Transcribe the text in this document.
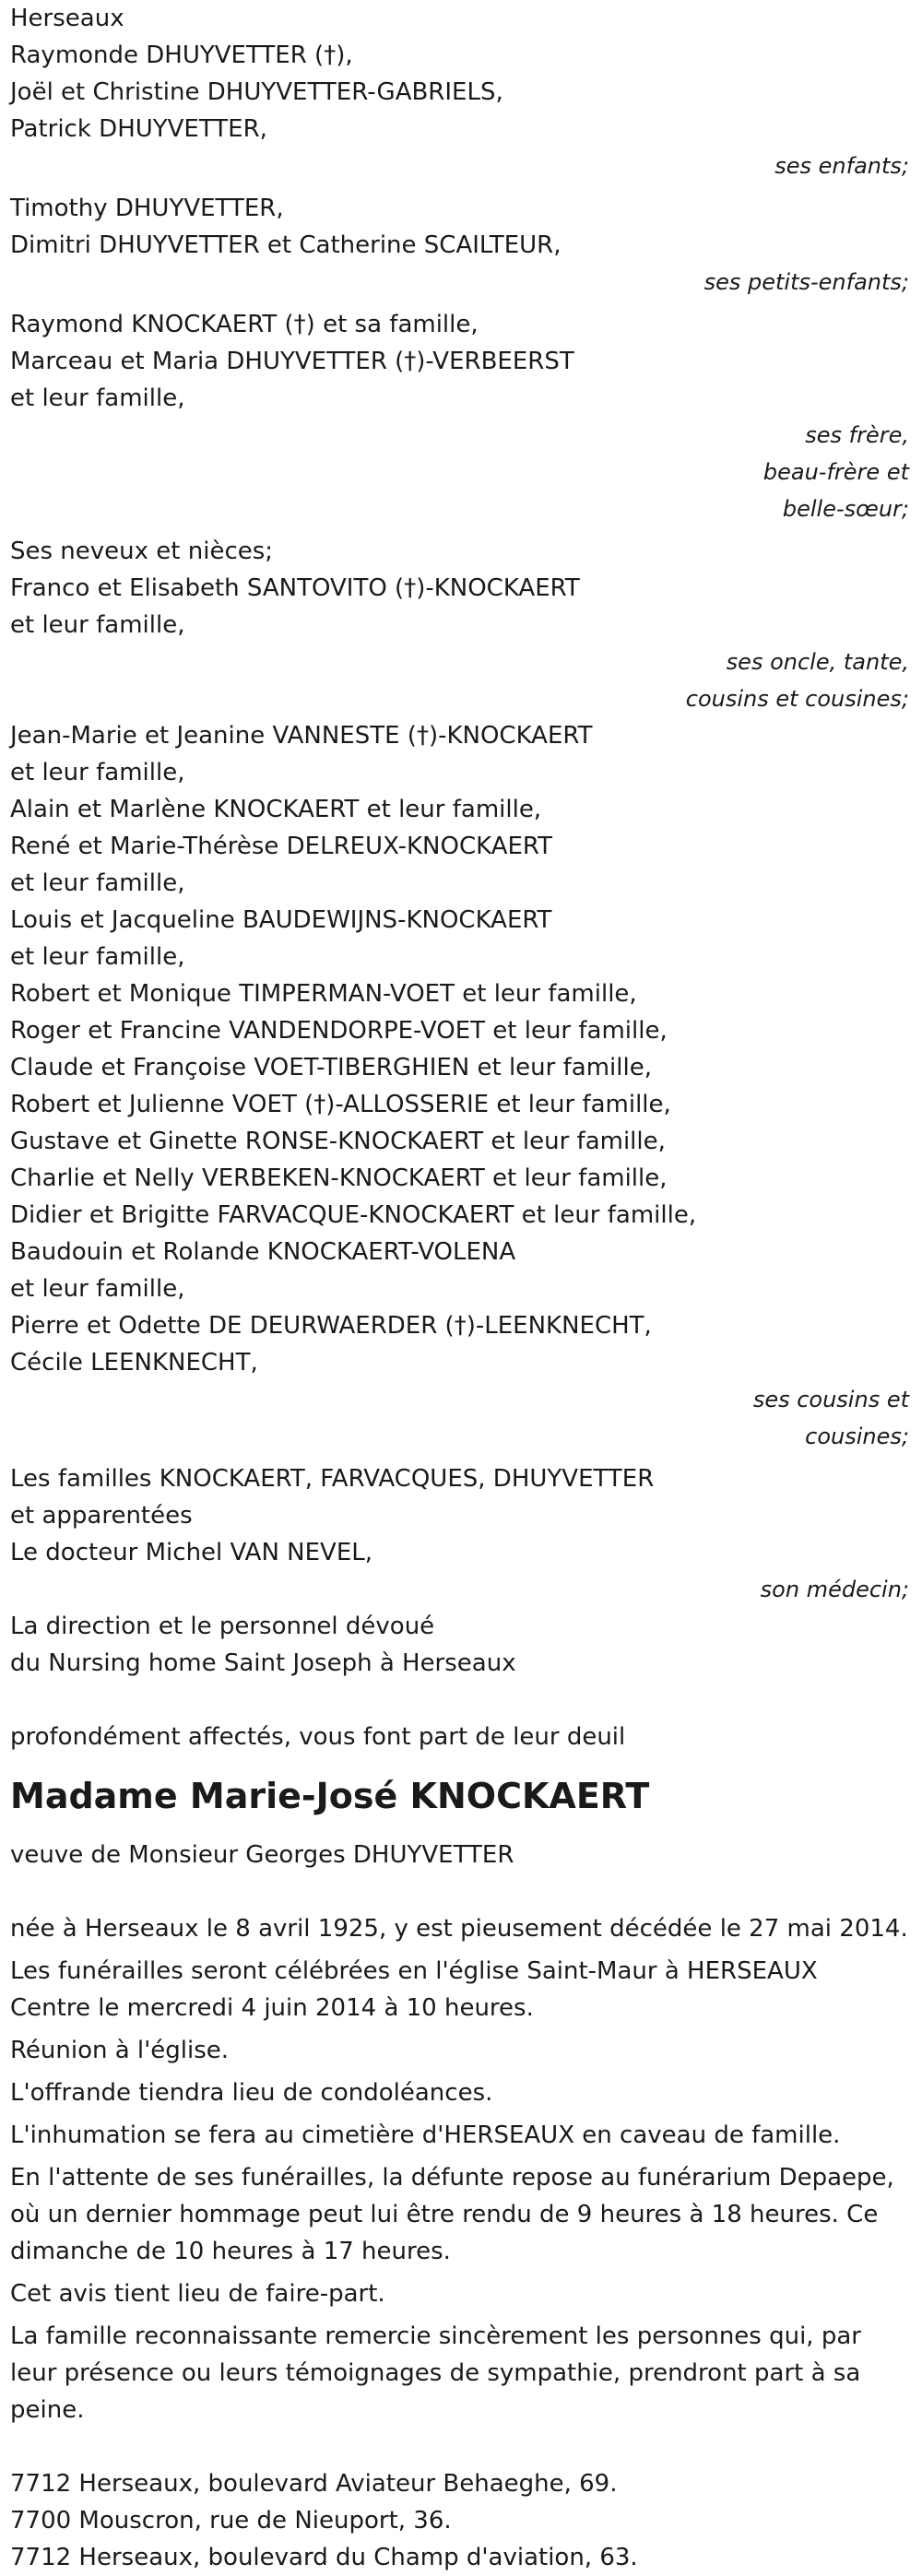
Herseaux
Raymonde DHUYVETTER (†),
Joël et Christine DHUYVETTER-GABRIELS,
Patrick DHUYVETTER,
ses enfants;
Timothy DHUYVETTER,
Dimitri DHUYVETTER et Catherine SCAILTEUR,
ses petits-enfants;
Raymond KNOCKAERT (†) et sa famille,
Marceau et Maria DHUYVETTER (†)-VERBEERST
et leur famille,
ses frère,
beau-frère et
belle-sœur;
Ses neveux et nièces;
Franco et Elisabeth SANTOVITO (†)-KNOCKAERT
et leur famille,
ses oncle, tante,
cousins et cousines;
Jean-Marie et Jeanine VANNESTE (†)-KNOCKAERT
et leur famille,
Alain et Marlène KNOCKAERT et leur famille,
René et Marie-Thérèse DELREUX-KNOCKAERT
et leur famille,
Louis et Jacqueline BAUDEWIJNS-KNOCKAERT
et leur famille,
Robert et Monique TIMPERMAN-VOET et leur famille,
Roger et Francine VANDENDORPE-VOET et leur famille,
Claude et Françoise VOET-TIBERGHIEN et leur famille,
Robert et Julienne VOET (†)-ALLOSSERIE et leur famille,
Gustave et Ginette RONSE-KNOCKAERT et leur famille,
Charlie et Nelly VERBEKEN-KNOCKAERT et leur famille,
Didier et Brigitte FARVACQUE-KNOCKAERT et leur famille,
Baudouin et Rolande KNOCKAERT-VOLENA
et leur famille,
Pierre et Odette DE DEURWAERDER (†)-LEENKNECHT,
Cécile LEENKNECHT,
ses cousins et
cousines;
Les familles KNOCKAERT, FARVACQUES, DHUYVETTER
et apparentées
Le docteur Michel VAN NEVEL,
son médecin;
La direction et le personnel dévoué
du Nursing home Saint Joseph à Herseaux
profondément affectés, vous font part de leur deuil
Madame Marie-José KNOCKAERT
veuve de Monsieur Georges DHUYVETTER
née à Herseaux le 8 avril 1925, y est pieusement décédée le 27 mai 2014.
Les funérailles seront célébrées en l'église Saint-Maur à HERSEAUX
Centre le mercredi 4 juin 2014 à 10 heures.
Réunion à l'église.
L'offrande tiendra lieu de condoléances.
L'inhumation se fera au cimetière d'HERSEAUX en caveau de famille.
En l'attente de ses funérailles, la défunte repose au funérarium Depaepe,
où un dernier hommage peut lui être rendu de 9 heures à 18 heures. Ce
dimanche de 10 heures à 17 heures.
Cet avis tient lieu de faire-part.
La famille reconnaissante remercie sincèrement les personnes qui, par
leur présence ou leurs témoignages de sympathie, prendront part à sa
peine.
7712 Herseaux, boulevard Aviateur Behaeghe, 69.
7700 Mouscron, rue de Nieuport, 36.
7712 Herseaux, boulevard du Champ d'aviation, 63.
